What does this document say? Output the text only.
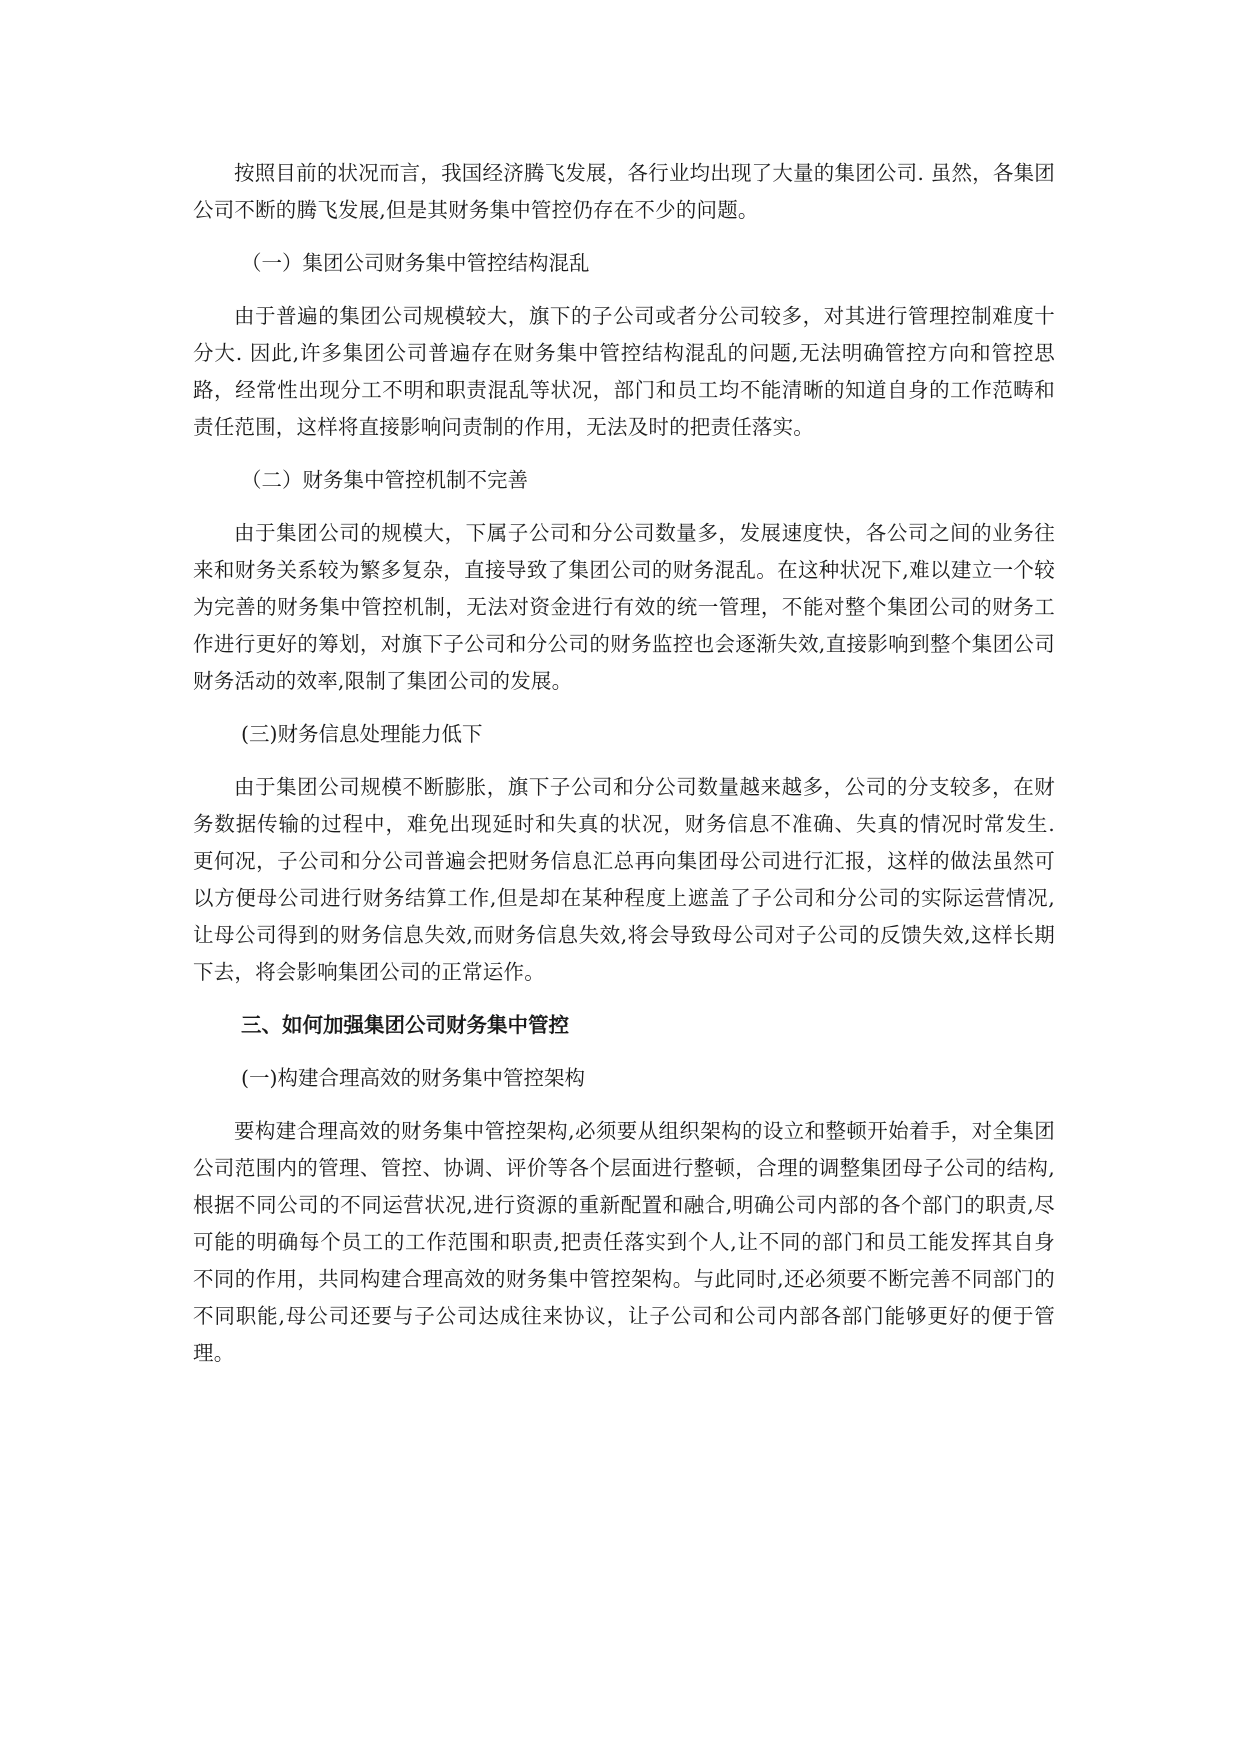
按照目前的状况而言，我国经济腾飞发展，各行业均出现了大量的集团公司. 虽然，各集团公司不断的腾飞发展,但是其财务集中管控仍存在不少的问题。

（一）集团公司财务集中管控结构混乱

由于普遍的集团公司规模较大，旗下的子公司或者分公司较多，对其进行管理控制难度十分大. 因此,许多集团公司普遍存在财务集中管控结构混乱的问题,无法明确管控方向和管控思路，经常性出现分工不明和职责混乱等状况，部门和员工均不能清晰的知道自身的工作范畴和责任范围，这样将直接影响问责制的作用，无法及时的把责任落实。

（二）财务集中管控机制不完善

由于集团公司的规模大，下属子公司和分公司数量多，发展速度快，各公司之间的业务往来和财务关系较为繁多复杂，直接导致了集团公司的财务混乱。在这种状况下,难以建立一个较为完善的财务集中管控机制，无法对资金进行有效的统一管理，不能对整个集团公司的财务工作进行更好的筹划，对旗下子公司和分公司的财务监控也会逐渐失效,直接影响到整个集团公司财务活动的效率,限制了集团公司的发展。

(三)财务信息处理能力低下

由于集团公司规模不断膨胀，旗下子公司和分公司数量越来越多，公司的分支较多，在财务数据传输的过程中，难免出现延时和失真的状况，财务信息不准确、失真的情况时常发生. 更何况，子公司和分公司普遍会把财务信息汇总再向集团母公司进行汇报，这样的做法虽然可以方便母公司进行财务结算工作,但是却在某种程度上遮盖了子公司和分公司的实际运营情况,让母公司得到的财务信息失效,而财务信息失效,将会导致母公司对子公司的反馈失效,这样长期下去，将会影响集团公司的正常运作。

三、如何加强集团公司财务集中管控

(一)构建合理高效的财务集中管控架构

要构建合理高效的财务集中管控架构,必须要从组织架构的设立和整顿开始着手，对全集团公司范围内的管理、管控、协调、评价等各个层面进行整顿，合理的调整集团母子公司的结构,根据不同公司的不同运营状况,进行资源的重新配置和融合,明确公司内部的各个部门的职责,尽可能的明确每个员工的工作范围和职责,把责任落实到个人,让不同的部门和员工能发挥其自身不同的作用，共同构建合理高效的财务集中管控架构。与此同时,还必须要不断完善不同部门的不同职能,母公司还要与子公司达成往来协议，让子公司和公司内部各部门能够更好的便于管理。
